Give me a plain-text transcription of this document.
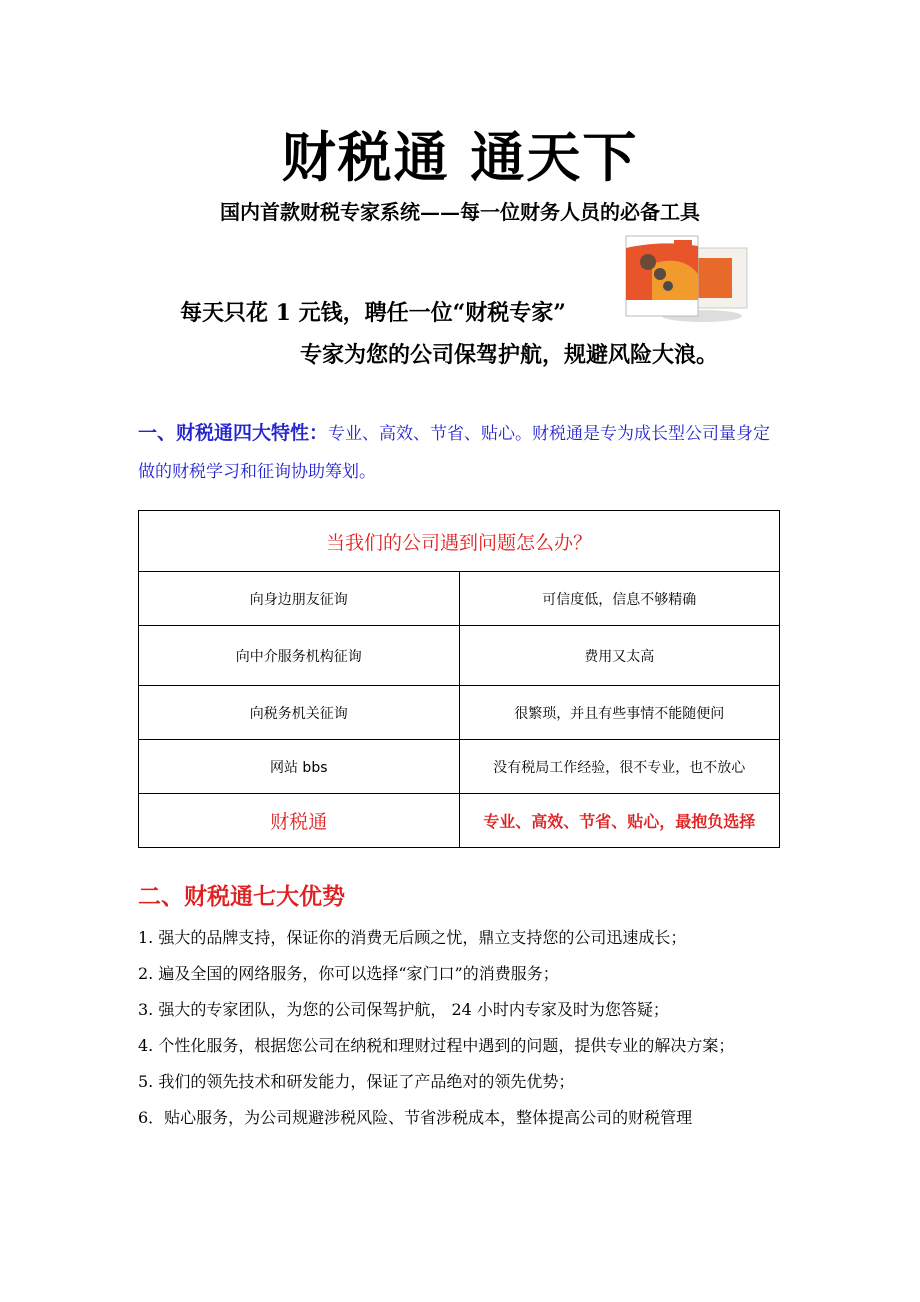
财税通 通天下
国内首款财税专家系统——每一位财务人员的必备工具
每天只花 1 元钱，聘任一位“财税专家”
专家为您的公司保驾护航，规避风险大浪。
一、财税通四大特性：专业、高效、节省、贴心。财税通是专为成长型公司量身定做的财税学习和征询协助筹划。
当我们的公司遇到问题怎么办？	
向身边朋友征询	可信度低，信息不够精确
向中介服务机构征询	费用又太高
向税务机关征询	很繁琐，并且有些事情不能随便问
网站 bbs	没有税局工作经验，很不专业，也不放心
财税通	专业、高效、节省、贴心，最抱负选择
二、财税通七大优势
1. 强大的品牌支持，保证你的消费无后顾之忧，鼎立支持您的公司迅速成长；
2. 遍及全国的网络服务，你可以选择“家门口”的消费服务；
3. 强大的专家团队，为您的公司保驾护航， 24 小时内专家及时为您答疑；
4. 个性化服务，根据您公司在纳税和理财过程中遇到的问题，提供专业的解决方案；
5. 我们的领先技术和研发能力，保证了产品绝对的领先优势；
6．贴心服务，为公司规避涉税风险、节省涉税成本，整体提高公司的财税管理
